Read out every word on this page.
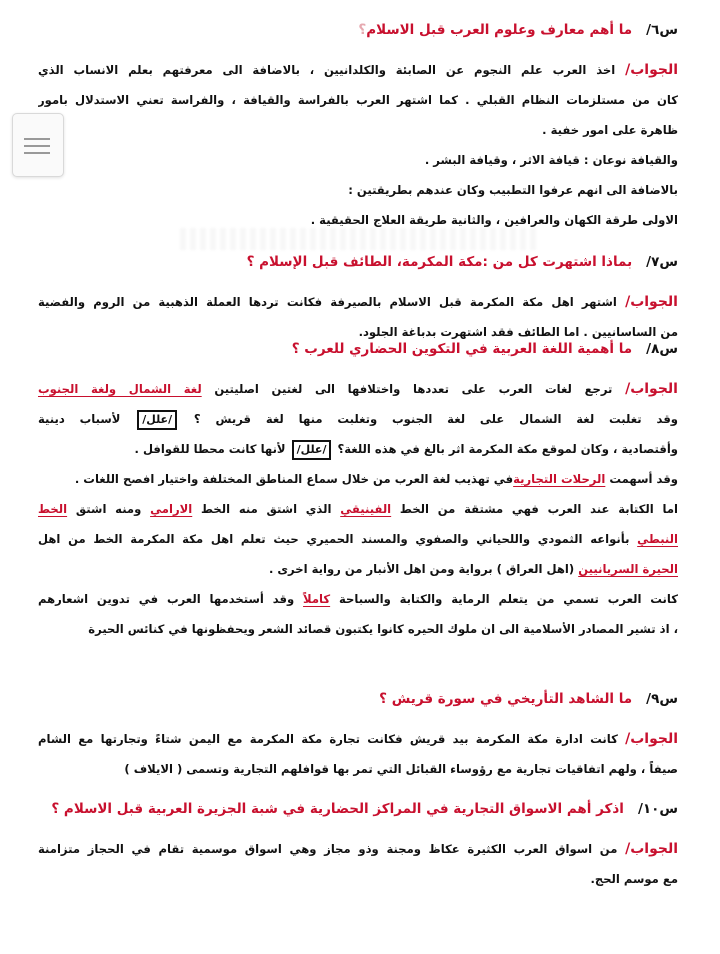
س٦/ما أهم معارف وعلوم العرب قبل الاسلام؟
الجواب/ اخذ العرب علم النجوم عن الصابئة والكلدانيين ، بالاضافة الى معرفتهم بعلم الانساب الذي
كان من مستلزمات النظام القبلي . كما اشتهر العرب بالفراسة والقيافة ، والفراسة تعني الاستدلال بامور
ظاهرة على امور خفية .
والقيافة نوعان : قيافة الاثر ، وقيافة البشر .
بالاضافة الى انهم عرفوا التطبيب وكان عندهم بطريقتين :
الاولى طرقة الكهان والعرافين ، والثانية طريقة العلاج الحقيقية .
س٧/بماذا اشتهرت كل من :مكة المكرمة، الطائف قبل الإسلام ؟
الجواب/ اشتهر اهل مكة المكرمة قبل الاسلام بالصيرفة فكانت تردها العملة الذهبية من الروم والفضية
من الساسانيين . اما الطائف فقد اشتهرت بدباغة الجلود.
س٨/ما أهمية اللغة العربية في التكوين الحضاري للعرب ؟
الجواب/ ترجع لغات العرب على تعددها واختلافها الى لغتين اصليتين لغة الشمال ولغة الجنوب
وقد تغلبت لغة الشمال على لغة الجنوب وتغلبت منها لغة قريش ؟ /علل/ لأسباب دينية
وأقتصادية ، وكان لموقع مكة المكرمة اثر بالغ في هذه اللغة؟ /علل/ لأنها كانت محطا للقوافل .
وقد أسهمت الرحلات التجاريةفي تهذيب لغة العرب من خلال سماع المناطق المختلفة واختيار افصح اللغات .
اما الكتابة عند العرب فهي مشتقة من الخط الفينيقي الذي اشتق منه الخط الارامي ومنه اشتق الخط
النبطي بأنواعه الثمودي واللحياني والصفوي والمسند الحميري حيث تعلم اهل مكة المكرمة الخط من اهل
الحيرة السريانيين (اهل العراق ) برواية ومن اهل الأنبار من رواية اخرى .
كانت العرب تسمي من يتعلم الرماية والكتابة والسباحة كاملاً وقد أستخدمها العرب في تدوين اشعارهم
، اذ تشير المصادر الأسلامية الى ان ملوك الحيره كانوا يكتبون قصائد الشعر ويحفظونها في كنائس الحيرة
س٩/ما الشاهد التأريخي في سورة قريش ؟
الجواب/ كانت ادارة مكة المكرمة بيد قريش فكانت تجارة مكة المكرمة مع اليمن شتاءً وتجارتها مع الشام
صيفاً ، ولهم اتفاقيات تجارية مع رؤوساء القبائل التي تمر بها قوافلهم التجارية وتسمى ( الايلاف )
س١٠/اذكر أهم الاسواق التجارية في المراكز الحضارية في شبة الجزيرة العربية قبل الاسلام ؟
الجواب/ من اسواق العرب الكثيرة عكاظ ومجنة وذو مجاز وهي اسواق موسمية تقام في الحجاز متزامنة
مع موسم الحج.
